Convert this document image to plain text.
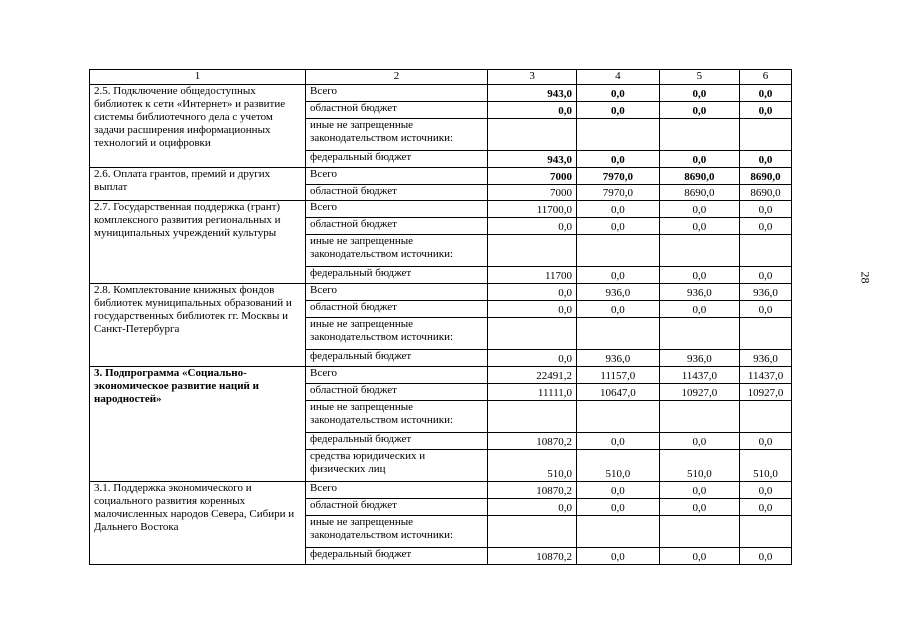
1	2	3	4	5	6
2.5. Подключение общедоступных библиотек к сети «Интернет» и развитие системы библиотечного дела с учетом задачи расширения информационных технологий и оцифровки	Всего	943,0	0,0	0,0	0,0
	областной бюджет	0,0	0,0	0,0	0,0
	иные не запрещенные законодательством источники:				
	федеральный бюджет	943,0	0,0	0,0	0,0
2.6. Оплата грантов, премий и других выплат	Всего	7000	7970,0	8690,0	8690,0
	областной бюджет	7000	7970,0	8690,0	8690,0
2.7. Государственная поддержка (грант) комплексного развития региональных и муниципальных учреждений культуры	Всего	11700,0	0,0	0,0	0,0
	областной бюджет	0,0	0,0	0,0	0,0
	иные не запрещенные законодательством источники:				
	федеральный бюджет	11700	0,0	0,0	0,0
2.8. Комплектование книжных фондов библиотек муниципальных образований и государственных библиотек гг. Москвы и Санкт-Петербурга	Всего	0,0	936,0	936,0	936,0
	областной бюджет	0,0	0,0	0,0	0,0
	иные не запрещенные законодательством источники:				
	федеральный бюджет	0,0	936,0	936,0	936,0
3. Подпрограмма «Социально-экономическое развитие наций и народностей»	Всего	22491,2	11157,0	11437,0	11437,0
	областной бюджет	11111,0	10647,0	10927,0	10927,0
	иные не запрещенные законодательством источники:				
	федеральный бюджет	10870,2	0,0	0,0	0,0
	средства юридических и физических лиц	510,0	510,0	510,0	510,0
3.1. Поддержка экономического и социального развития коренных малочисленных народов Севера, Сибири и Дальнего Востока	Всего	10870,2	0,0	0,0	0,0
	областной бюджет	0,0	0,0	0,0	0,0
	иные не запрещенные законодательством источники:				
	федеральный бюджет	10870,2	0,0	0,0	0,0
28
